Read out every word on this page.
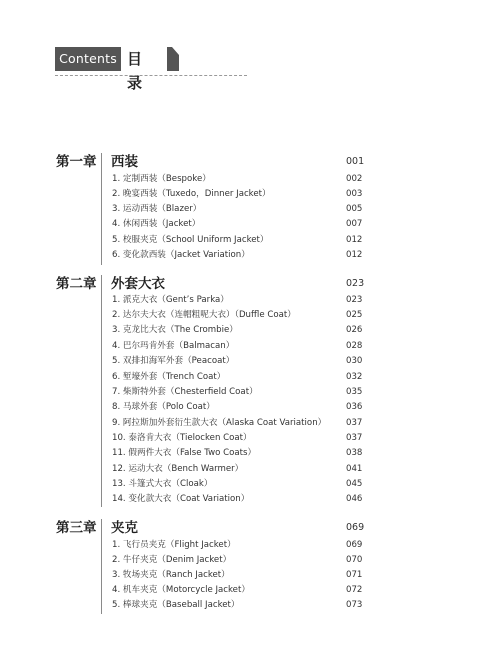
Contents 目录
第一章 西装	001
1. 定制西装（Bespoke）	002
2. 晚宴西装（Tuxedo，Dinner Jacket）	003
3. 运动西装（Blazer）	005
4. 休闲西装（Jacket）	007
5. 校服夹克（School Uniform Jacket）	012
6. 变化款西装（Jacket Variation）	012
第二章 外套大衣	023
1. 派克大衣（Gent’s Parka）	023
2. 达尔夫大衣（连帽粗呢大衣）（Duffle Coat）	025
3. 克龙比大衣（The Crombie）	026
4. 巴尔玛肯外套（Balmacan）	028
5. 双排扣海军外套（Peacoat）	030
6. 堑壕外套（Trench Coat）	032
7. 柴斯特外套（Chesterfield Coat）	035
8. 马球外套（Polo Coat）	036
9. 阿拉斯加外套衍生款大衣（Alaska Coat Variation） 037
10. 泰洛肯大衣（Tielocken Coat）	037
11. 假两件大衣（False Two Coats）	038
12. 运动大衣（Bench Warmer）	041
13. 斗篷式大衣（Cloak）	045
14. 变化款大衣（Coat Variation）	046
第三章 夹克	069
1. 飞行员夹克（Flight Jacket）	069
2. 牛仔夹克（Denim Jacket）	070
3. 牧场夹克（Ranch Jacket）	071
4. 机车夹克（Motorcycle Jacket）	072
5. 棒球夹克（Baseball Jacket）	073
